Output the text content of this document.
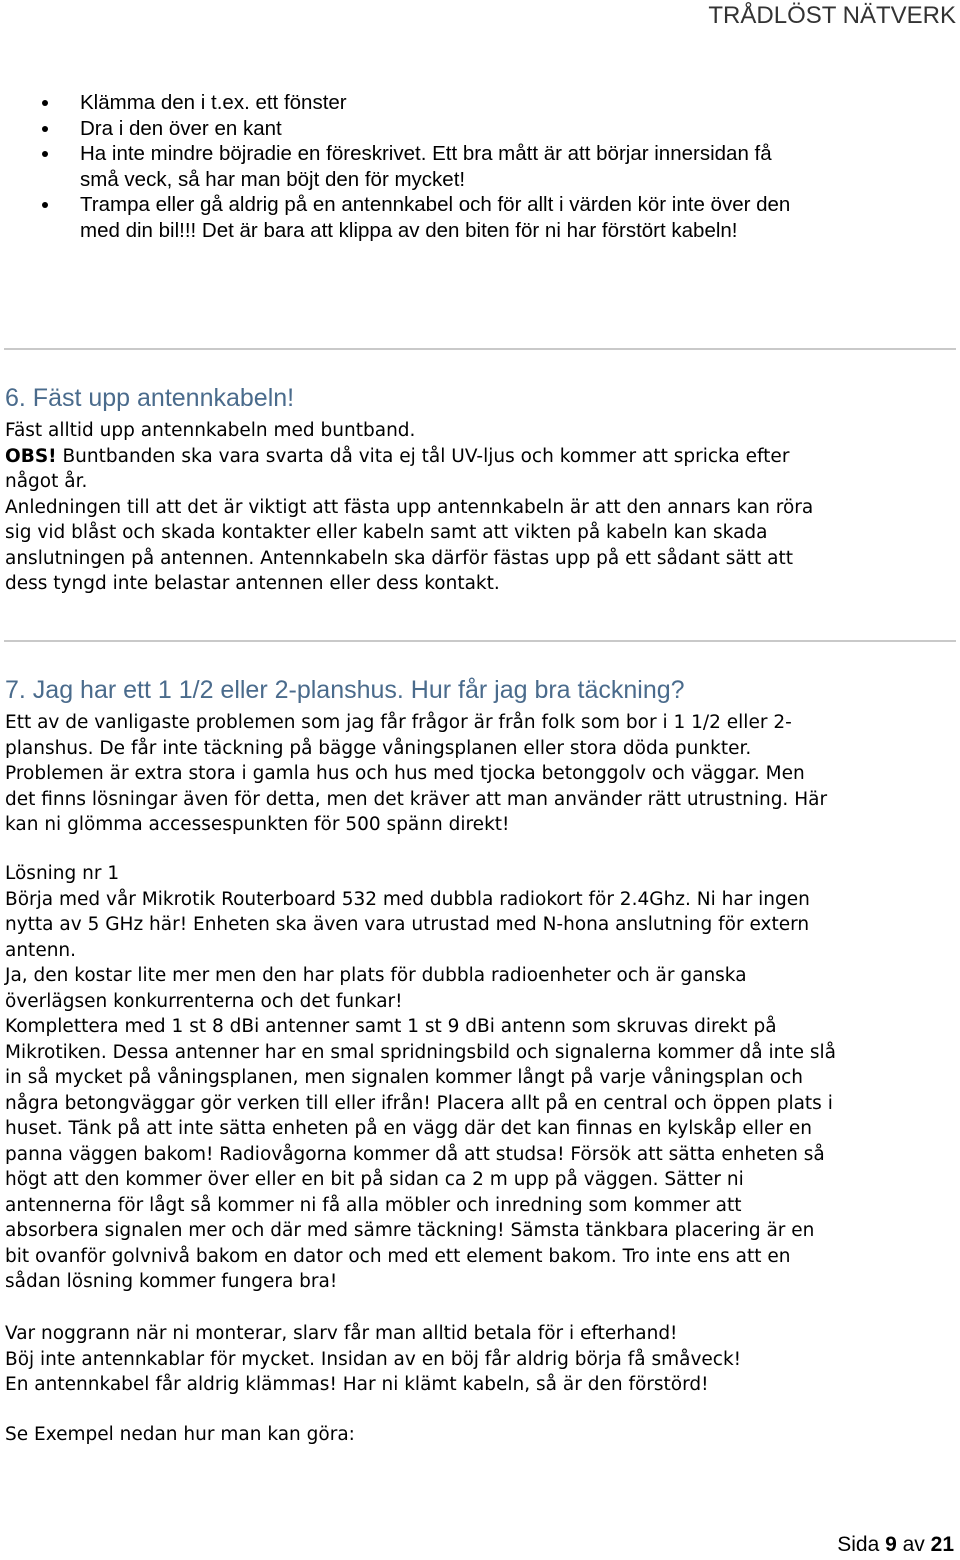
TRÅDLÖST NÄTVERK
Klämma den i t.ex. ett fönster
Dra i den över en kant
Ha inte mindre böjradie en föreskrivet. Ett bra mått är att börjar innersidan få
små veck, så har man böjt den för mycket!
Trampa eller gå aldrig på en antennkabel och för allt i värden kör inte över den
med din bil!!! Det är bara att klippa av den biten för ni har förstört kabeln!
6. Fäst upp antennkabeln!
Fäst alltid upp antennkabeln med buntband.
OBS! Buntbanden ska vara svarta då vita ej tål UV-ljus och kommer att spricka efter
något år.
Anledningen till att det är viktigt att fästa upp antennkabeln är att den annars kan röra
sig vid blåst och skada kontakter eller kabeln samt att vikten på kabeln kan skada
anslutningen på antennen. Antennkabeln ska därför fästas upp på ett sådant sätt att
dess tyngd inte belastar antennen eller dess kontakt.
7. Jag har ett 1 1/2 eller 2-planshus. Hur får jag bra täckning?
Ett av de vanligaste problemen som jag får frågor är från folk som bor i 1 1/2 eller 2-
planshus. De får inte täckning på bägge våningsplanen eller stora döda punkter.
Problemen är extra stora i gamla hus och hus med tjocka betonggolv och väggar. Men
det finns lösningar även för detta, men det kräver att man använder rätt utrustning. Här
kan ni glömma accessespunkten för 500 spänn direkt!
Lösning nr 1
Börja med vår Mikrotik Routerboard 532 med dubbla radiokort för 2.4Ghz. Ni har ingen
nytta av 5 GHz här! Enheten ska även vara utrustad med N-hona anslutning för extern
antenn.
Ja, den kostar lite mer men den har plats för dubbla radioenheter och är ganska
överlägsen konkurrenterna och det funkar!
Komplettera med 1 st 8 dBi antenner samt 1 st 9 dBi antenn som skruvas direkt på
Mikrotiken. Dessa antenner har en smal spridningsbild och signalerna kommer då inte slå
in så mycket på våningsplanen, men signalen kommer långt på varje våningsplan och
några betongväggar gör verken till eller ifrån! Placera allt på en central och öppen plats i
huset. Tänk på att inte sätta enheten på en vägg där det kan finnas en kylskåp eller en
panna väggen bakom! Radiovågorna kommer då att studsa! Försök att sätta enheten så
högt att den kommer över eller en bit på sidan ca 2 m upp på väggen. Sätter ni
antennerna för lågt så kommer ni få alla möbler och inredning som kommer att
absorbera signalen mer och där med sämre täckning! Sämsta tänkbara placering är en
bit ovanför golvnivå bakom en dator och med ett element bakom. Tro inte ens att en
sådan lösning kommer fungera bra!
Var noggrann när ni monterar, slarv får man alltid betala för i efterhand!
Böj inte antennkablar för mycket. Insidan av en böj får aldrig börja få småveck!
En antennkabel får aldrig klämmas! Har ni klämt kabeln, så är den förstörd!
Se Exempel nedan hur man kan göra:
Sida 9 av 21
